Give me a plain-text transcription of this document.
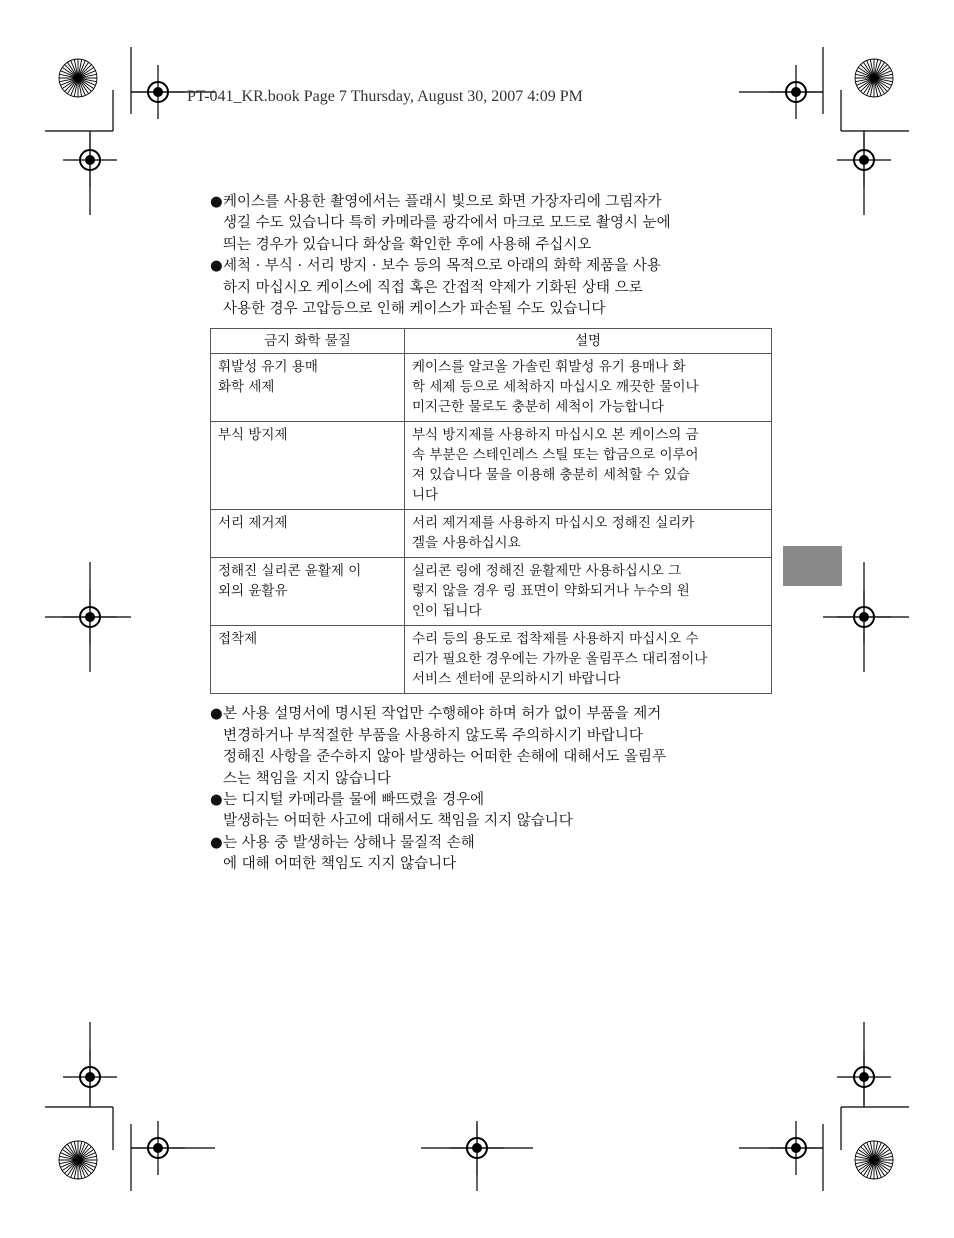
PT-041_KR.book Page 7 Thursday, August 30, 2007 4:09 PM
● 케이스를 사용한 촬영에서는 플래시 빛으로 화면 가장자리에 그림자가
생길 수도 있습니다 특히 카메라를 광각에서 마크로 모드로 촬영시 눈에
띄는 경우가 있습니다 화상을 확인한 후에 사용해 주십시오
● 세척 · 부식 · 서리 방지 · 보수 등의 목적으로 아래의 화학 제품을 사용
하지 마십시오 케이스에 직접 혹은 간접적 약제가 기화된 상태 으로
사용한 경우 고압등으로 인해 케이스가 파손될 수도 있습니다
금지 화학 물질	설명
휘발성 유기 용매
화학 세제	케이스를 알코올 가솔린 휘발성 유기 용매나 화
학 세제 등으로 세척하지 마십시오 깨끗한 물이나
미지근한 물로도 충분히 세척이 가능합니다
부식 방지제	부식 방지제를 사용하지 마십시오 본 케이스의 금
속 부분은 스테인레스 스틸 또는 합금으로 이루어
져 있습니다 물을 이용해 충분히 세척할 수 있습
니다
서리 제거제	서리 제거제를 사용하지 마십시오 정해진 실리카
겔을 사용하십시요
정해진 실리콘 윤활제 이
외의 윤활유	실리콘 링에 정해진 윤활제만 사용하십시오 그
렇지 않을 경우 링 표면이 약화되거나 누수의 원
인이 됩니다
접착제	수리 등의 용도로 접착제를 사용하지 마십시오 수
리가 필요한 경우에는 가까운 올림푸스 대리점이나
서비스 센터에 문의하시기 바랍니다
● 본 사용 설명서에 명시된 작업만 수행해야 하며 허가 없이 부품을 제거
변경하거나 부적절한 부품을 사용하지 않도록 주의하시기 바랍니다
정해진 사항을 준수하지 않아 발생하는 어떠한 손해에 대해서도 올림푸
스는 책임을 지지 않습니다
● 는 디지털 카메라를 물에 빠뜨렸을 경우에
발생하는 어떠한 사고에 대해서도 책임을 지지 않습니다
● 는 사용 중 발생하는 상해나 물질적 손해
에 대해 어떠한 책임도 지지 않습니다
